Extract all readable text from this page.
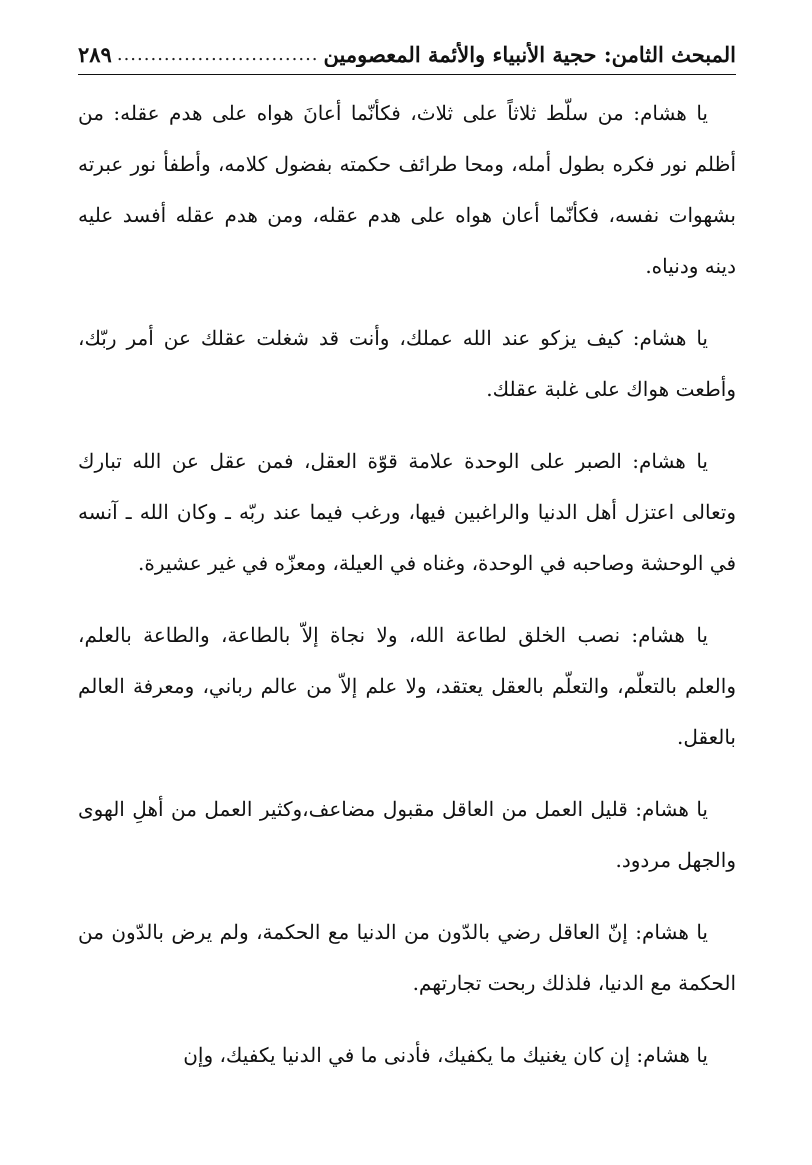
المبحث الثامن: حجية الأنبياء والأئمة المعصومين
..............................
٢٨٩

يا هشام: من سلّط ثلاثاً على ثلاث، فكأنّما أعانَ هواه على هدم عقله: من أظلم نور فكره بطول أمله، ومحا طرائف حكمته بفضول كلامه، وأطفأ نور عبرته بشهوات نفسه، فكأنّما أعان هواه على هدم عقله، ومن هدم عقله أفسد عليه دينه ودنياه.

يا هشام: كيف يزكو عند الله عملك، وأنت قد شغلت عقلك عن أمر ربّك، وأطعت هواك على غلبة عقلك.

يا هشام: الصبر على الوحدة علامة قوّة العقل، فمن عقل عن الله تبارك وتعالى اعتزل أهل الدنيا والراغبين فيها، ورغب فيما عند ربّه ـ وكان الله ـ آنسه في الوحشة وصاحبه في الوحدة، وغناه في العيلة، ومعزّه في غير عشيرة.

يا هشام: نصب الخلق لطاعة الله، ولا نجاة إلاّ بالطاعة، والطاعة بالعلم، والعلم بالتعلّم، والتعلّم بالعقل يعتقد، ولا علم إلاّ من عالم رباني، ومعرفة العالم بالعقل.

يا هشام: قليل العمل من العاقل مقبول مضاعف،وكثير العمل من أهلِ الهوى والجهل مردود.

يا هشام: إنّ العاقل رضي بالدّون من الدنيا مع الحكمة، ولم يرض بالدّون من الحكمة مع الدنيا، فلذلك ربحت تجارتهم.

يا هشام: إن كان يغنيك ما يكفيك، فأدنى ما في الدنيا يكفيك، وإن
